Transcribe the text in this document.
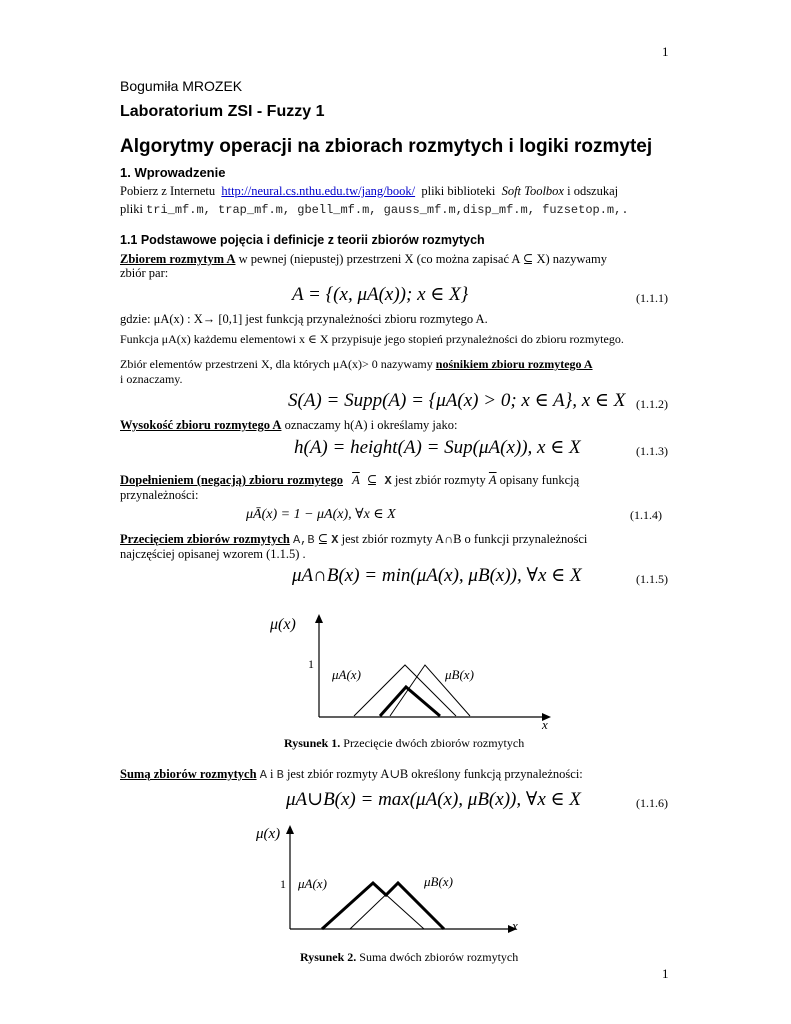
1
Bogumiła MROZEK
Laboratorium ZSI - Fuzzy 1
Algorytmy operacji na zbiorach rozmytych i logiki rozmytej
1. Wprowadzenie
Pobierz z Internetu http://neural.cs.nthu.edu.tw/jang/book/ pliki biblioteki Soft Toolbox i odszukaj
pliki tri_mf.m, trap_mf.m, gbell_mf.m, gauss_mf.m,disp_mf.m, fuzsetop.m,.
1.1 Podstawowe pojęcia i definicje z teorii zbiorów rozmytych
Zbiorem rozmytym A w pewnej (niepustej) przestrzeni X (co można zapisać A ⊆ X) nazywamy
zbiór par:
A = {(x, μA(x)); x ∈ X}	(1.1.1)
gdzie: μA(x) : X→ [0,1] jest funkcją przynależności zbioru rozmytego A.
Funkcja μA(x) każdemu elementowi x ∈ X przypisuje jego stopień przynależności do zbioru rozmytego.
Zbiór elementów przestrzeni X, dla których μA(x)> 0 nazywamy nośnikiem zbioru rozmytego A
i oznaczamy.
S(A) = Supp(A) = {μA(x) > 0; x ∈ A}, x ∈ X (1.1.2)
Wysokość zbioru rozmytego A oznaczamy h(A) i określamy jako:
h(A) = height(A) = Sup(μA(x)), x ∈ X	(1.1.3)
Dopełnieniem (negacją) zbioru rozmytego $\overline{A}$ ⊆ X jest zbiór rozmyty $\overline{A}$ opisany funkcją
przynależności:
μĀ(x) = 1 − μA(x), ∀x ∈ X	(1.1.4)
Przecięciem zbiorów rozmytych A,B ⊆ X jest zbiór rozmyty A∩B o funkcji przynależności
najczęściej opisanej wzorem (1.1.5) .
μA∩B(x) = min(μA(x), μB(x)), ∀x ∈ X	(1.1.5)
μ(x)
1
x
μA(x)	μB(x)
Rysunek 1. Przecięcie dwóch zbiorów rozmytych
Sumą zbiorów rozmytych A i B jest zbiór rozmyty A∪B określony funkcją przynależności:
μA∪B(x) = max(μA(x), μB(x)), ∀x ∈ X	(1.1.6)
μ(x)
1
x
μA(x)	μB(x)
Rysunek 2. Suma dwóch zbiorów rozmytych
1
